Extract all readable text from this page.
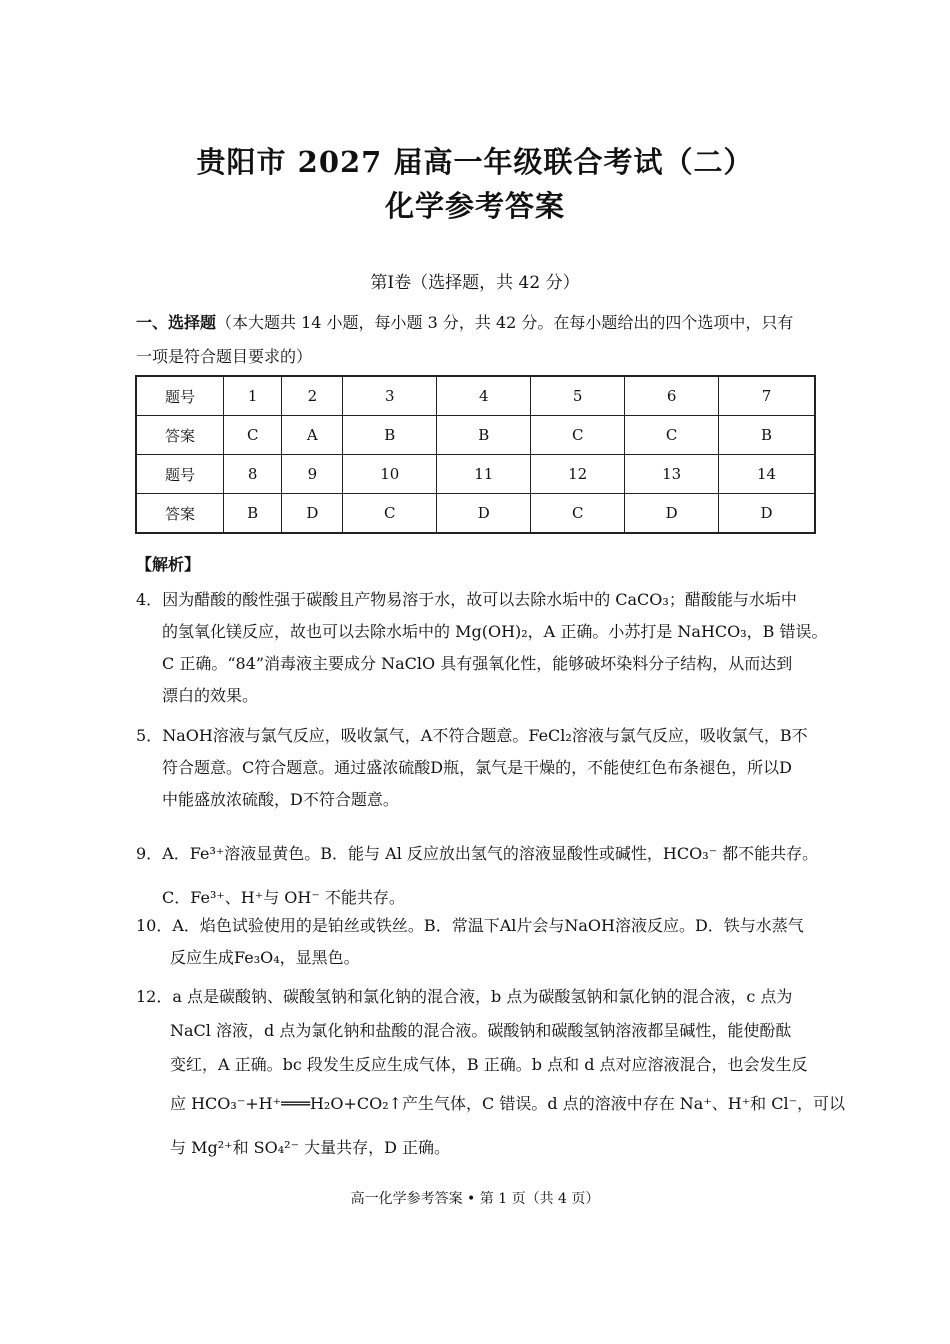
贵阳市 2027 届高一年级联合考试（二）
化学参考答案
第Ⅰ卷（选择题，共 42 分）
一、选择题（本大题共 14 小题，每小题 3 分，共 42 分。在每小题给出的四个选项中，只有
一项是符合题目要求的）
题号	1	2	3	4	5	6	7
答案	C	A	B	B	C	C	B
题号	8	9	10	11	12	13	14
答案	B	D	C	D	C	D	D
【解析】
4．因为醋酸的酸性强于碳酸且产物易溶于水，故可以去除水垢中的 CaCO₃；醋酸能与水垢中
的氢氧化镁反应，故也可以去除水垢中的 Mg(OH)₂，A 正确。小苏打是 NaHCO₃，B 错误。
C 正确。“84”消毒液主要成分 NaClO 具有强氧化性，能够破坏染料分子结构，从而达到
漂白的效果。
5．NaOH溶液与氯气反应，吸收氯气，A不符合题意。FeCl₂溶液与氯气反应，吸收氯气，B不
符合题意。C符合题意。通过盛浓硫酸D瓶，氯气是干燥的，不能使红色布条褪色，所以D
中能盛放浓硫酸，D不符合题意。
9．A．Fe³⁺溶液显黄色。B．能与 Al 反应放出氢气的溶液显酸性或碱性，HCO₃⁻ 都不能共存。
C．Fe³⁺、H⁺与 OH⁻ 不能共存。
10．A．焰色试验使用的是铂丝或铁丝。B．常温下Al片会与NaOH溶液反应。D．铁与水蒸气
反应生成Fe₃O₄，显黑色。
12．a 点是碳酸钠、碳酸氢钠和氯化钠的混合液，b 点为碳酸氢钠和氯化钠的混合液，c 点为
NaCl 溶液，d 点为氯化钠和盐酸的混合液。碳酸钠和碳酸氢钠溶液都呈碱性，能使酚酞
变红，A 正确。bc 段发生反应生成气体，B 正确。b 点和 d 点对应溶液混合，也会发生反
应 HCO₃⁻+H⁺═══H₂O+CO₂↑产生气体，C 错误。d 点的溶液中存在 Na⁺、H⁺和 Cl⁻，可以
与 Mg²⁺和 SO₄²⁻ 大量共存，D 正确。
高一化学参考答案 • 第 1 页（共 4 页）
